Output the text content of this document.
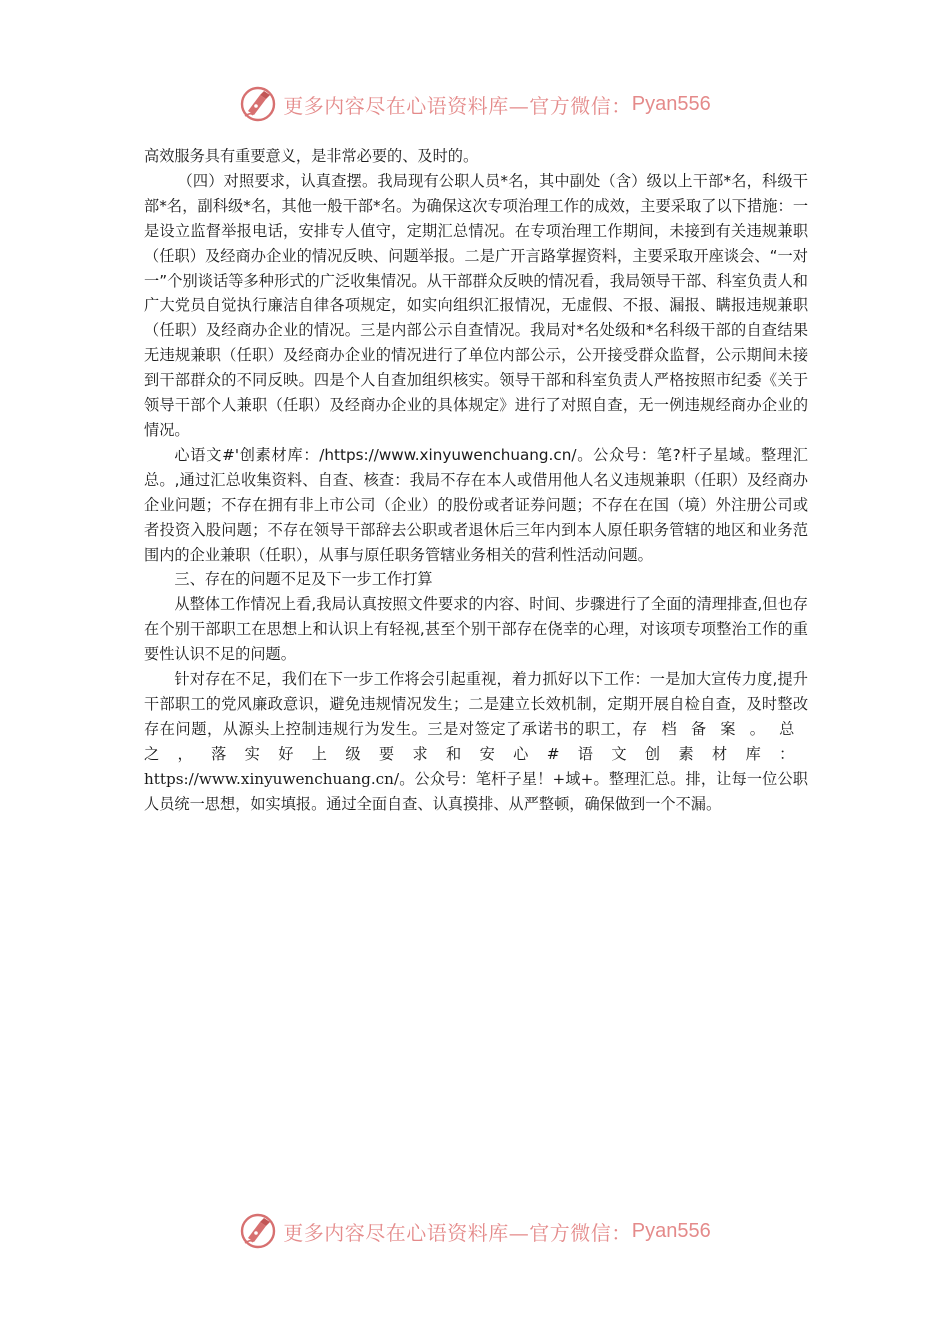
更多内容尽在心语资料库—官方微信： Pyan556

高效服务具有重要意义，是非常必要的、及时的。

（四）对照要求，认真查摆。我局现有公职人员*名，其中副处（含）级以上干部*名，科级干部*名，副科级*名，其他一般干部*名。为确保这次专项治理工作的成效，主要采取了以下措施：一是设立监督举报电话，安排专人值守，定期汇总情况。在专项治理工作期间，未接到有关违规兼职（任职）及经商办企业的情况反映、问题举报。二是广开言路掌握资料，主要采取开座谈会、“一对一”个别谈话等多种形式的广泛收集情况。从干部群众反映的情况看，我局领导干部、科室负责人和广大党员自觉执行廉洁自律各项规定，如实向组织汇报情况，无虚假、不报、漏报、瞒报违规兼职（任职）及经商办企业的情况。三是内部公示自查情况。我局对*名处级和*名科级干部的自查结果无违规兼职（任职）及经商办企业的情况进行了单位内部公示，公开接受群众监督，公示期间未接到干部群众的不同反映。四是个人自查加组织核实。领导干部和科室负责人严格按照市纪委《关于领导干部个人兼职（任职）及经商办企业的具体规定》进行了对照自查，无一例违规经商办企业的情况。

心语文#'创素材库：/https://www.xinyuwenchuang.cn/。公众号：笔?杆子星域。整理汇总。,通过汇总收集资料、自查、核查：我局不存在本人或借用他人名义违规兼职（任职）及经商办企业问题；不存在拥有非上市公司（企业）的股份或者证券问题；不存在在国（境）外注册公司或者投资入股问题；不存在领导干部辞去公职或者退休后三年内到本人原任职务管辖的地区和业务范围内的企业兼职（任职），从事与原任职务管辖业务相关的营利性活动问题。

三、存在的问题不足及下一步工作打算

从整体工作情况上看,我局认真按照文件要求的内容、时间、步骤进行了全面的清理排查,但也存在个别干部职工在思想上和认识上有轻视,甚至个别干部存在侥幸的心理，对该项专项整治工作的重要性认识不足的问题。

针对存在不足，我们在下一步工作将会引起重视，着力抓好以下工作：一是加大宣传力度,提升干部职工的党风廉政意识，避免违规情况发生；二是建立长效机制，定期开展自检自查，及时整改存在问题，从源头上控制违规行为发生。三是对签定了承诺书的职工，存档备案。总之，落实好上级要求和安心#语文创素材库：https://www.xinyuwenchuang.cn/。公众号：笔杆子星！+域+。整理汇总。排，让每一位公职人员统一思想，如实填报。通过全面自查、认真摸排、从严整顿，确保做到一个不漏。

更多内容尽在心语资料库—官方微信： Pyan556
